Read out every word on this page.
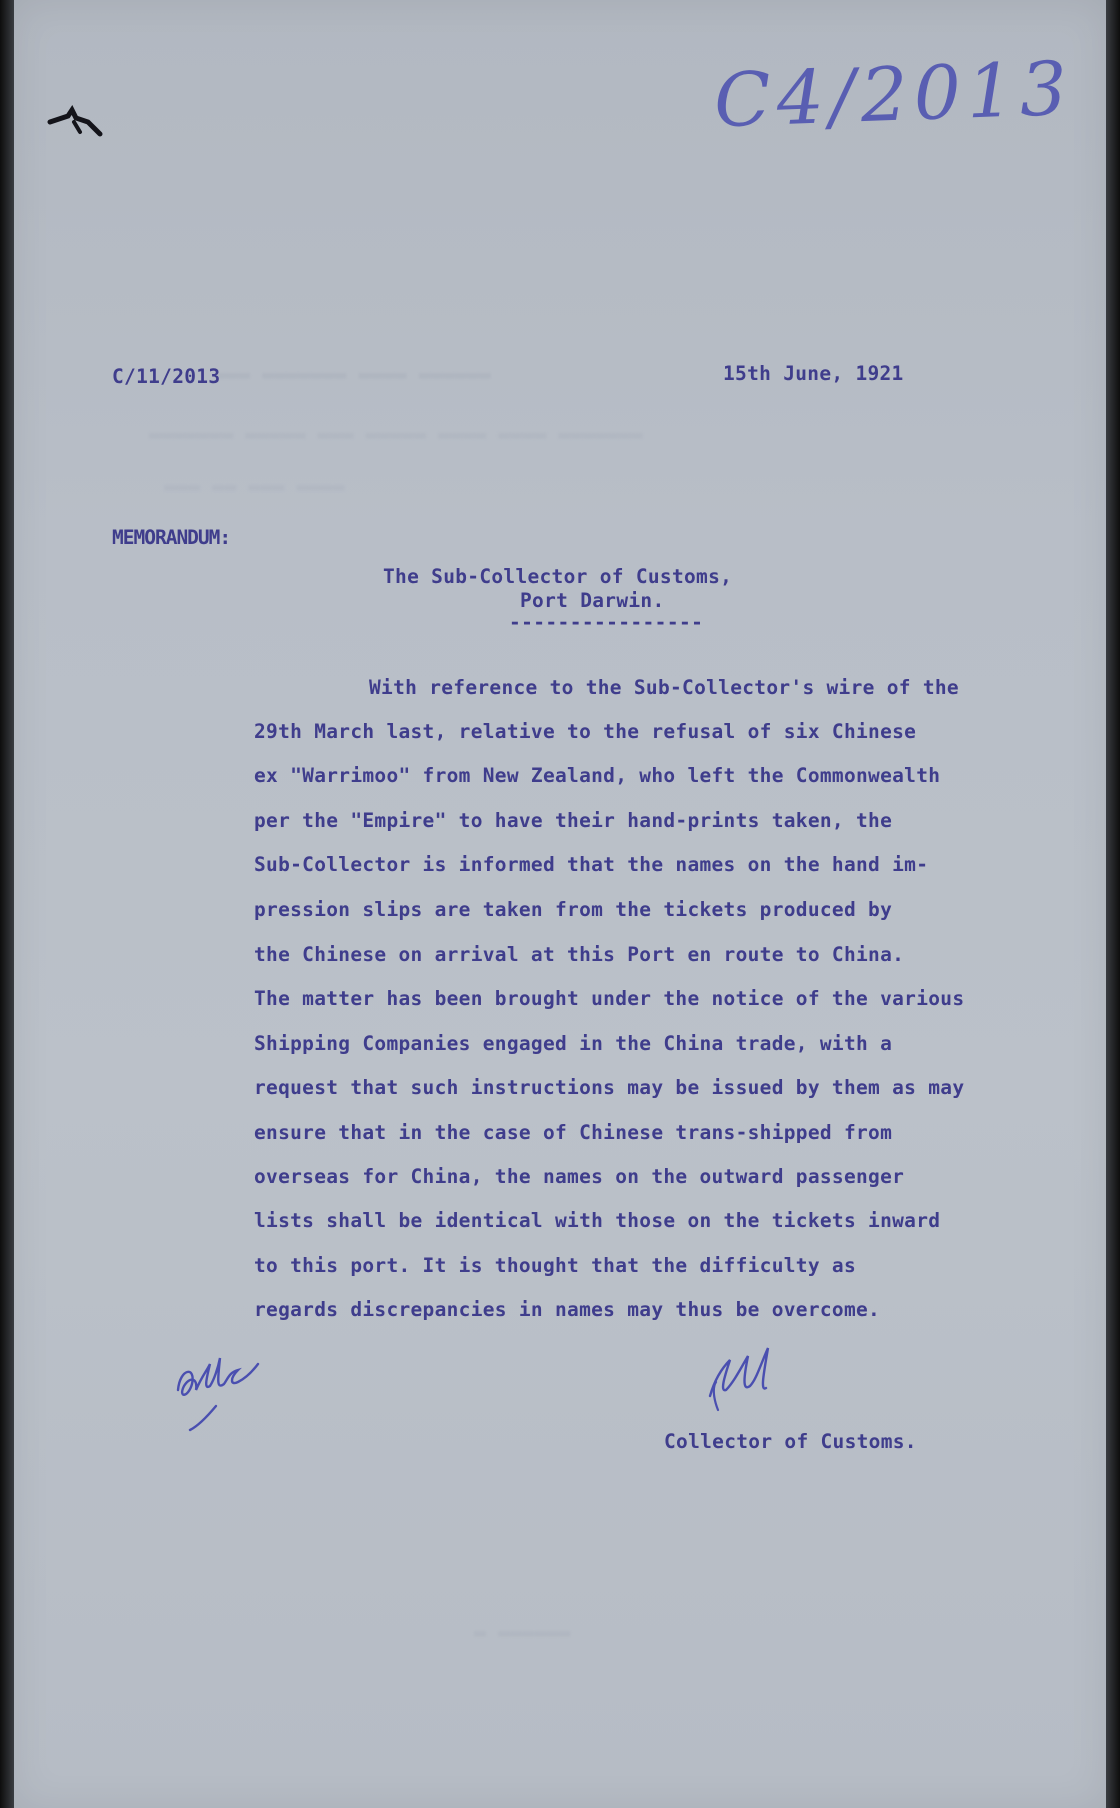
▬▬▬ ▬▬▬▬▬▬▬ ▬▬▬▬ ▬▬▬▬▬▬
▬▬▬▬▬▬▬ ▬▬▬▬▬ ▬▬▬ ▬▬▬▬▬ ▬▬▬▬ ▬▬▬▬ ▬▬▬▬▬▬▬
▬▬▬ ▬▬ ▬▬▬ ▬▬▬▬
▬ ▬▬▬▬▬▬
C4/2013
C/11/2013	15th June, 1921
MEMORANDUM:
The Sub-Collector of Customs,
Port Darwin.
----------------
With reference to the Sub-Collector's wire of the
29th March last, relative to the refusal of six Chinese
ex "Warrimoo" from New Zealand, who left the Commonwealth
per the "Empire" to have their hand-prints taken, the
Sub-Collector is informed that the names on the hand im-
pression slips are taken from the tickets produced by
the Chinese on arrival at this Port en route to China.
The matter has been brought under the notice of the various
Shipping Companies engaged in the China trade, with a
request that such instructions may be issued by them as may
ensure that in the case of Chinese trans-shipped from
overseas for China, the names on the outward passenger
lists shall be identical with those on the tickets inward
to this port. It is thought that the difficulty as
regards discrepancies in names may thus be overcome.
Collector of Customs.
